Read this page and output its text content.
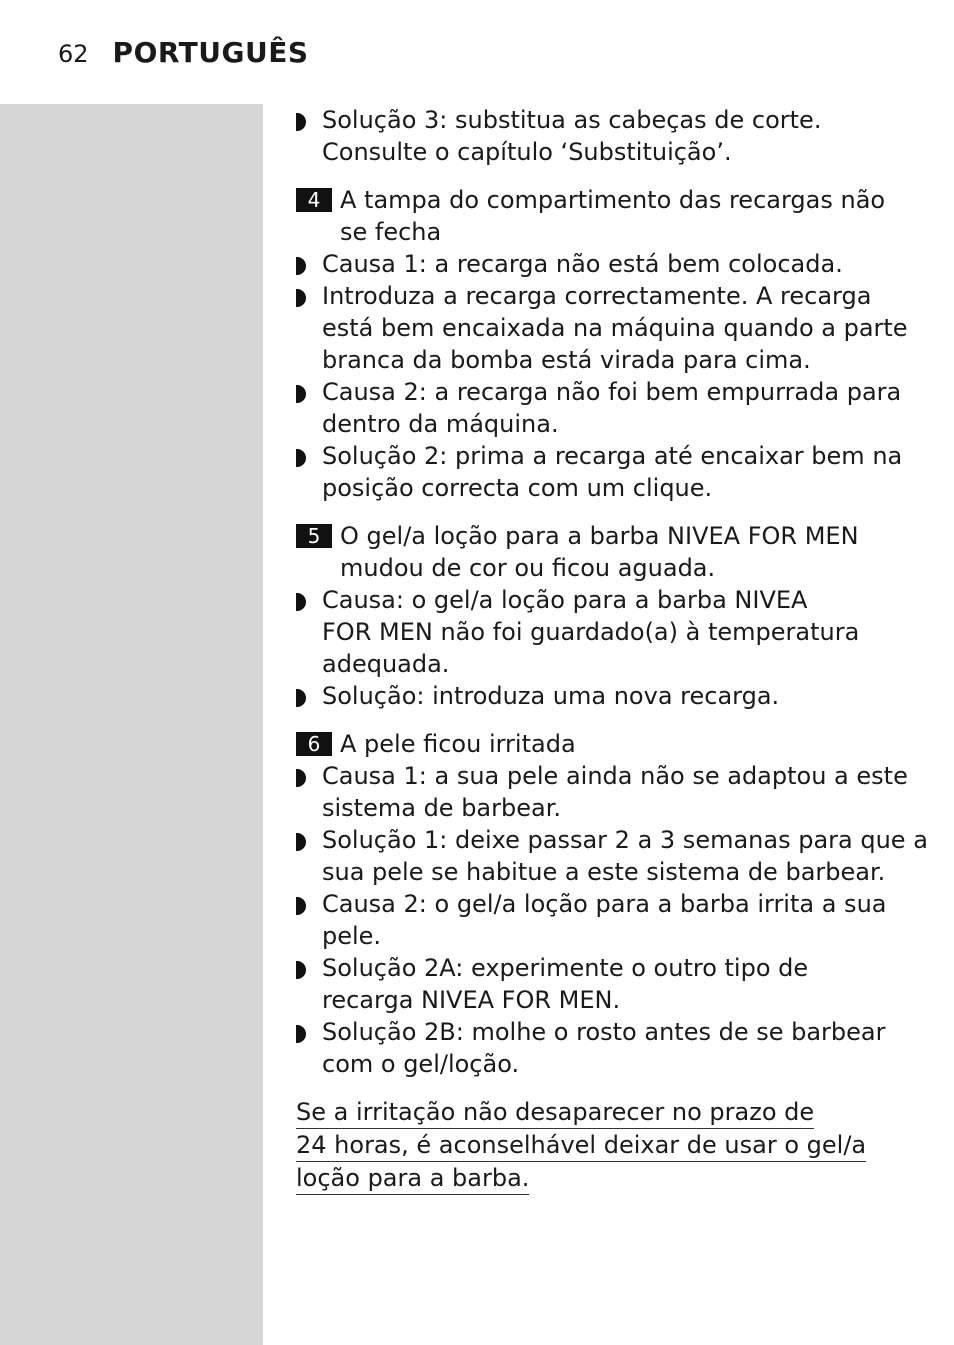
62 PORTUGUÊS
Solução 3: substitua as cabeças de corte.
Consulte o capítulo ‘Substituição’.
4 A tampa do compartimento das recargas não
se fecha
Causa 1: a recarga não está bem colocada.
Introduza a recarga correctamente. A recarga
está bem encaixada na máquina quando a parte
branca da bomba está virada para cima.
Causa 2: a recarga não foi bem empurrada para
dentro da máquina.
Solução 2: prima a recarga até encaixar bem na
posição correcta com um clique.
5 O gel/a loção para a barba NIVEA FOR MEN
mudou de cor ou ficou aguada.
Causa: o gel/a loção para a barba NIVEA
FOR MEN não foi guardado(a) à temperatura
adequada.
Solução: introduza uma nova recarga.
6 A pele ficou irritada
Causa 1: a sua pele ainda não se adaptou a este
sistema de barbear.
Solução 1: deixe passar 2 a 3 semanas para que a
sua pele se habitue a este sistema de barbear.
Causa 2: o gel/a loção para a barba irrita a sua
pele.
Solução 2A: experimente o outro tipo de
recarga NIVEA FOR MEN.
Solução 2B: molhe o rosto antes de se barbear
com o gel/loção.
Se a irritação não desaparecer no prazo de
24 horas, é aconselhável deixar de usar o gel/a
loção para a barba.
